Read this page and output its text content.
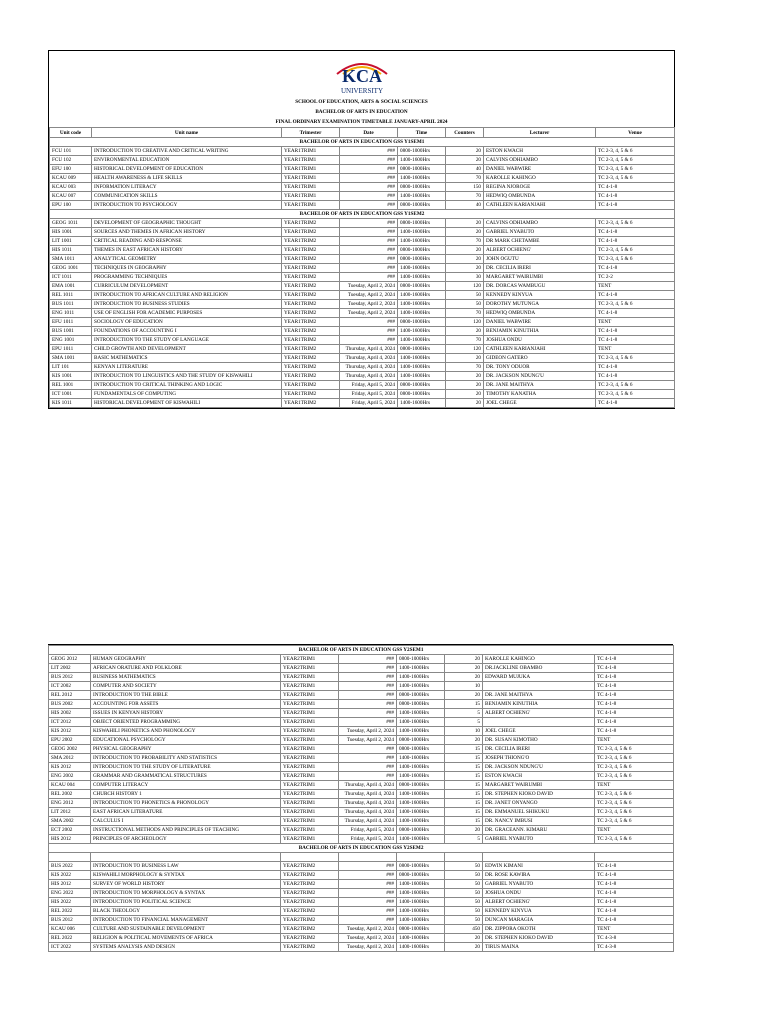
KCA
UNIVERSITY
SCHOOL OF EDUCATION, ARTS & SOCIAL SCIENCES
BACHELOR OF ARTS IN EDUCATION
FINAL ORDINARY EXAMINATION TIMETABLE JANUARY-APRIL 2024
Unit code	Unit name	Trimester	Date	Time	Counters	Lecturer	Venue
BACHELOR OF ARTS IN EDUCATION GSS Y1SEM1							
FCU 101	INTRODUCTION TO CREATIVE AND CRITICAL WRITING	YEAR1TRIM1	###	0800-1000Hrs	20	ESTON KWACH	TC 2-3, 4, 5 & 6
FCU 102	ENVIRONMENTAL EDUCATION	YEAR1TRIM1	###	1400-1600Hrs	20	CALVINS ODHIAMBO	TC 2-3, 4, 5 & 6
EFU 100	HISTORICAL DEVELOPMENT OF EDUCATION	YEAR1TRIM1	###	0800-1000Hrs	40	DANIEL WABWIRE	TC 2-3, 4, 5 & 6
KCAU 009	HEALTH AWARENESS & LIFE SKILLS	YEAR1TRIM1	###	1400-1600Hrs	70	KAROLLE KAHINGO	TC 2-3, 4, 5 & 6
KCAU 003	INFORMATION LITERACY	YEAR1TRIM1	###	0800-1000Hrs	150	REGINA NJOROGE	TC 4-1-8
KCAU 007	COMMUNICATION SKILLS	YEAR1TRIM1	###	1400-1600Hrs	70	HEDWIQ OMBUNDA	TC 4-1-8
EPU 100	INTRODUCTION TO PSYCHOLOGY	YEAR1TRIM1	###	0800-1000Hrs	40	CATHLEEN KARIANJAHI	TC 4-1-8
BACHELOR OF ARTS IN EDUCATION GSS Y1SEM2							
GEOG 1011	DEVELOPMENT OF GEOGRAPHIC THOUGHT	YEAR1TRIM2	###	0800-1000Hrs	20	CALVINS ODHIAMBO	TC 2-3, 4, 5 & 6
HIS 1001	SOURCES AND THEMES IN AFRICAN HISTORY	YEAR1TRIM2	###	1400-1600Hrs	20	GABRIEL NYABUTO	TC 4-1-8
LIT 1001	CRITICAL READING AND RESPONSE	YEAR1TRIM2	###	1400-1600Hrs	70	DR MARK CHETAMBE	TC 4-1-8
HIS 1011	THEMES IN EAST AFRICAN HISTORY	YEAR1TRIM2	###	0800-1000Hrs	20	ALBERT OCHIENG'	TC 2-3, 4, 5 & 6
SMA 1011	ANALYTICAL GEOMETRY	YEAR1TRIM2	###	0800-1000Hrs	20	JOHN OGUTU	TC 2-3, 4, 5 & 6
GEOG 1001	TECHNIQUES IN GEOGRAPHY	YEAR1TRIM2	###	1400-1600Hrs	20	DR. CECILIA IRERI	TC 4-1-8
ICT 1011	PROGRAMMING TECHNIQUES	YEAR1TRIM2	###	1400-1600Hrs	30	MARGARET WAIRUMBI	TC 2-2
EMA 1001	CURRICULUM DEVELOPMENT	YEAR1TRIM2	Tuesday, April 2, 2024	0800-1000Hrs	120	DR. DORCAS WAMBUGU	TENT
REL 1011	INTRODUCTION TO AFRICAN CULTURE AND RELIGION	YEAR1TRIM2	Tuesday, April 2, 2024	1400-1600Hrs	50	KENNEDY KINYUA	TC 4-1-8
BUS 1011	INTRODUCTION TO BUSINESS STUDIES	YEAR1TRIM2	Tuesday, April 2, 2024	1400-1600Hrs	50	DOROTHY MUTUNGA	TC 2-3, 4, 5 & 6
ENG 1011	USE OF ENGLISH FOR ACADEMIC PURPOSES	YEAR1TRIM2	Tuesday, April 2, 2024	1400-1600Hrs	70	HEDWIQ OMBUNDA	TC 4-1-8
EFU 1011	SOCIOLOGY OF EDUCATION	YEAR1TRIM2	###	0800-1000Hrs	120	DANIEL WABWIRE	TENT
BUS 1001	FOUNDATIONS OF ACCOUNTING I	YEAR1TRIM2	###	1400-1600Hrs	20	BENJAMIN KINUTHIA	TC 4-1-8
ENG 1001	INTRODUCTION TO THE STUDY OF LANGUAGE	YEAR1TRIM2	###	1400-1600Hrs	70	JOSHUA ONDU	TC 4-1-8
EPU 1011	CHILD GROWTH AND DEVELOPMENT	YEAR1TRIM2	Thursday, April 4, 2024	0800-1000Hrs	120	CATHLEEN KARIANJAHI	TENT
SMA 1001	BASIC MATHEMATICS	YEAR1TRIM2	Thursday, April 4, 2024	1400-1600Hrs	20	GIDEON GATERO	TC 2-3, 4, 5 & 6
LIT 101	KENYAN LITERATURE	YEAR1TRIM2	Thursday, April 4, 2024	1400-1600Hrs	70	DR. TONY ODUOR	TC 4-1-8
KIS 1001	INTRODUCTION TO LINGUISTICS AND THE STUDY OF KISWAHILI	YEAR1TRIM2	Thursday, April 4, 2024	1400-1600Hrs	20	DR. JACKSON NDUNG'U	TC 4-1-8
REL 1001	INTRODUCTION TO CRITICAL THINKING AND LOGIC	YEAR1TRIM2	Friday, April 5, 2024	0800-1000Hrs	20	DR. JANE MAITHYA	TC 2-3, 4, 5 & 6
ICT 1001	FUNDAMENTALS OF COMPUTING	YEAR1TRIM2	Friday, April 5, 2024	0800-1000Hrs	20	TIMOTHY KANATHA	TC 2-3, 4, 5 & 6
KIS 1011	HISTORICAL DEVELOPMENT OF KISWAHILI	YEAR1TRIM2	Friday, April 5, 2024	1400-1600Hrs	20	JOEL CHEGE	TC 4-1-8
BACHELOR OF ARTS IN EDUCATION GSS Y2SEM1							
GEOG 2012	HUMAN GEOGRAPHY	YEAR2TRIM1	###	0800-1000Hrs	20	KAROLLE KAHINGO	TC 4-1-8
LIT 2002	AFRICAN ORATURE AND FOLKLORE	YEAR2TRIM1	###	1400-1600Hrs	20	DR.JACKLINE OBAMBO	TC 4-1-8
BUS 2012	BUSINESS MATHEMATICS	YEAR2TRIM1	###	1400-1600Hrs	20	EDWARD MUJUKA	TC 4-1-8
ICT 2002	COMPUTER AND SOCIETY	YEAR2TRIM1	###	1400-1600Hrs	10		TC 4-1-8
REL 2012	INTRODUCTION TO THE BIBLE	YEAR2TRIM1	###	0800-1000Hrs	20	DR. JANE MAITHYA	TC 4-1-8
BUS 2002	ACCOUNTING FOR ASSETS	YEAR2TRIM1	###	0800-1000Hrs	15	BENJAMIN KINUTHIA	TC 4-1-8
HIS 2002	ISSUES IN KENYAN HISTORY	YEAR2TRIM1	###	1400-1600Hrs	5	ALBERT OCHIENG'	TC 4-1-8
ICT 2012	OBJECT ORIENTED PROGRAMMING	YEAR2TRIM1	###	1400-1600Hrs	5		TC 4-1-8
KIS 2012	KISWAHILI PHONETICS AND PHONOLOGY	YEAR2TRIM1	Tuesday, April 2, 2024	1400-1600Hrs	10	JOEL CHEGE	TC 4-1-8
EPU 2002	EDUCATIONAL PSYCHOLOGY	YEAR2TRIM1	Tuesday, April 2, 2024	0800-1000Hrs	20	DR. SUSAN KIMOTHO	TENT
GEOG 2002	PHYSICAL GEOGRAPHY	YEAR2TRIM1	###	0800-1000Hrs	15	DR. CECILIA IRERI	TC 2-3, 4, 5 & 6
SMA 2012	INTRODUCTION TO PROBABILITY AND STATISTICS	YEAR2TRIM1	###	1400-1600Hrs	15	JOSEPH THIONG'O	TC 2-3, 4, 5 & 6
KIS 2012	INTRODUCTION TO THE STUDY OF LITERATURE	YEAR2TRIM1	###	1400-1600Hrs	15	DR. JACKSON NDUNG'U	TC 2-3, 4, 5 & 6
ENG 2002	GRAMMAR AND GRAMMATICAL STRUCTURES	YEAR2TRIM1	###	1400-1600Hrs	15	ESTON KWACH	TC 2-3, 4, 5 & 6
KCAU 004	COMPUTER LITERACY	YEAR2TRIM1	Thursday, April 4, 2024	0800-1000Hrs	15	MARGARET WAIRUMBI	TENT
REL 2002	CHURCH HISTORY 1	YEAR2TRIM1	Thursday, April 4, 2024	1400-1600Hrs	15	DR. STEPHEN KIOKO DAVID	TC 2-3, 4, 5 & 6
ENG 2012	INTRODUCTION TO PHONETICS & PHONOLOGY	YEAR2TRIM1	Thursday, April 4, 2024	1400-1600Hrs	15	DR. JANET ONYANGO	TC 2-3, 4, 5 & 6
LIT 2012	EAST AFRICAN LITERATURE	YEAR2TRIM1	Thursday, April 4, 2024	1400-1600Hrs	15	DR. EMMANUEL SHIKUKU	TC 2-3, 4, 5 & 6
SMA 2002	CALCULUS I	YEAR2TRIM1	Thursday, April 4, 2024	1400-1600Hrs	15	DR. NANCY IMBUSI	TC 2-3, 4, 5 & 6
ECT 2002	INSTRUCTIONAL METHODS AND PRINCIPLES OF TEACHING	YEAR2TRIM1	Friday, April 5, 2024	0800-1000Hrs	20	DR. GRACEANN. KIMARU	TENT
HIS 2012	PRINCIPLES OF ARCHEOLOGY	YEAR2TRIM1	Friday, April 5, 2024	1400-1600Hrs	5	GABRIEL NYABUTO	TC 2-3, 4, 5 & 6
BACHELOR OF ARTS IN EDUCATION GSS Y2SEM2							

BUS 2022	INTRODUCTION TO BUSINESS LAW	YEAR2TRIM2	###	0800-1000Hrs	50	EDWIN KIMANI	TC 4-1-8
KIS 2022	KISWAHILI MORPHOLOGY & SYNTAX	YEAR2TRIM2	###	0800-1000Hrs	50	DR. ROSE KAWIRA	TC 4-1-8
HIS 2012	SURVEY OF WORLD HISTORY	YEAR2TRIM2	###	1400-1600Hrs	50	GABRIEL NYABUTO	TC 4-1-8
ENG 2022	INTRODUCTION TO MORPHOLOGY & SYNTAX	YEAR2TRIM2	###	1400-1600Hrs	50	JOSHUA ONDU	TC 4-1-8
HIS 2022	INTRODUCTION TO POLITICAL SCIENCE	YEAR2TRIM2	###	1400-1600Hrs	50	ALBERT OCHIENG'	TC 4-1-8
REL 2022	BLACK THEOLOGY	YEAR2TRIM2	###	1400-1600Hrs	50	KENNEDY KINYUA	TC 4-1-8
BUS 2012	INTRODUCTION TO FINANCIAL MANAGEMENT	YEAR2TRIM2	###	1400-1600Hrs	50	DUNCAN MARAGIA	TC 4-1-8
KCAU 006	CULTURE AND SUSTAINABLE DEVELOPMENT	YEAR2TRIM2	Tuesday, April 2, 2024	0800-1000Hrs	450	DR. ZIPPORA OKOTH	TENT
REL 2022	RELIGION & POLITICAL MOVEMENTS OF AFRICA	YEAR2TRIM2	Tuesday, April 2, 2024	1400-1600Hrs	20	DR. STEPHEN KIOKO DAVID	TC 4-3-8
ICT 2022	SYSTEMS ANALYSIS AND DESIGN	YEAR2TRIM2	Tuesday, April 2, 2024	1400-1600Hrs	20	TIRUS MAINA	TC 4-3-8
